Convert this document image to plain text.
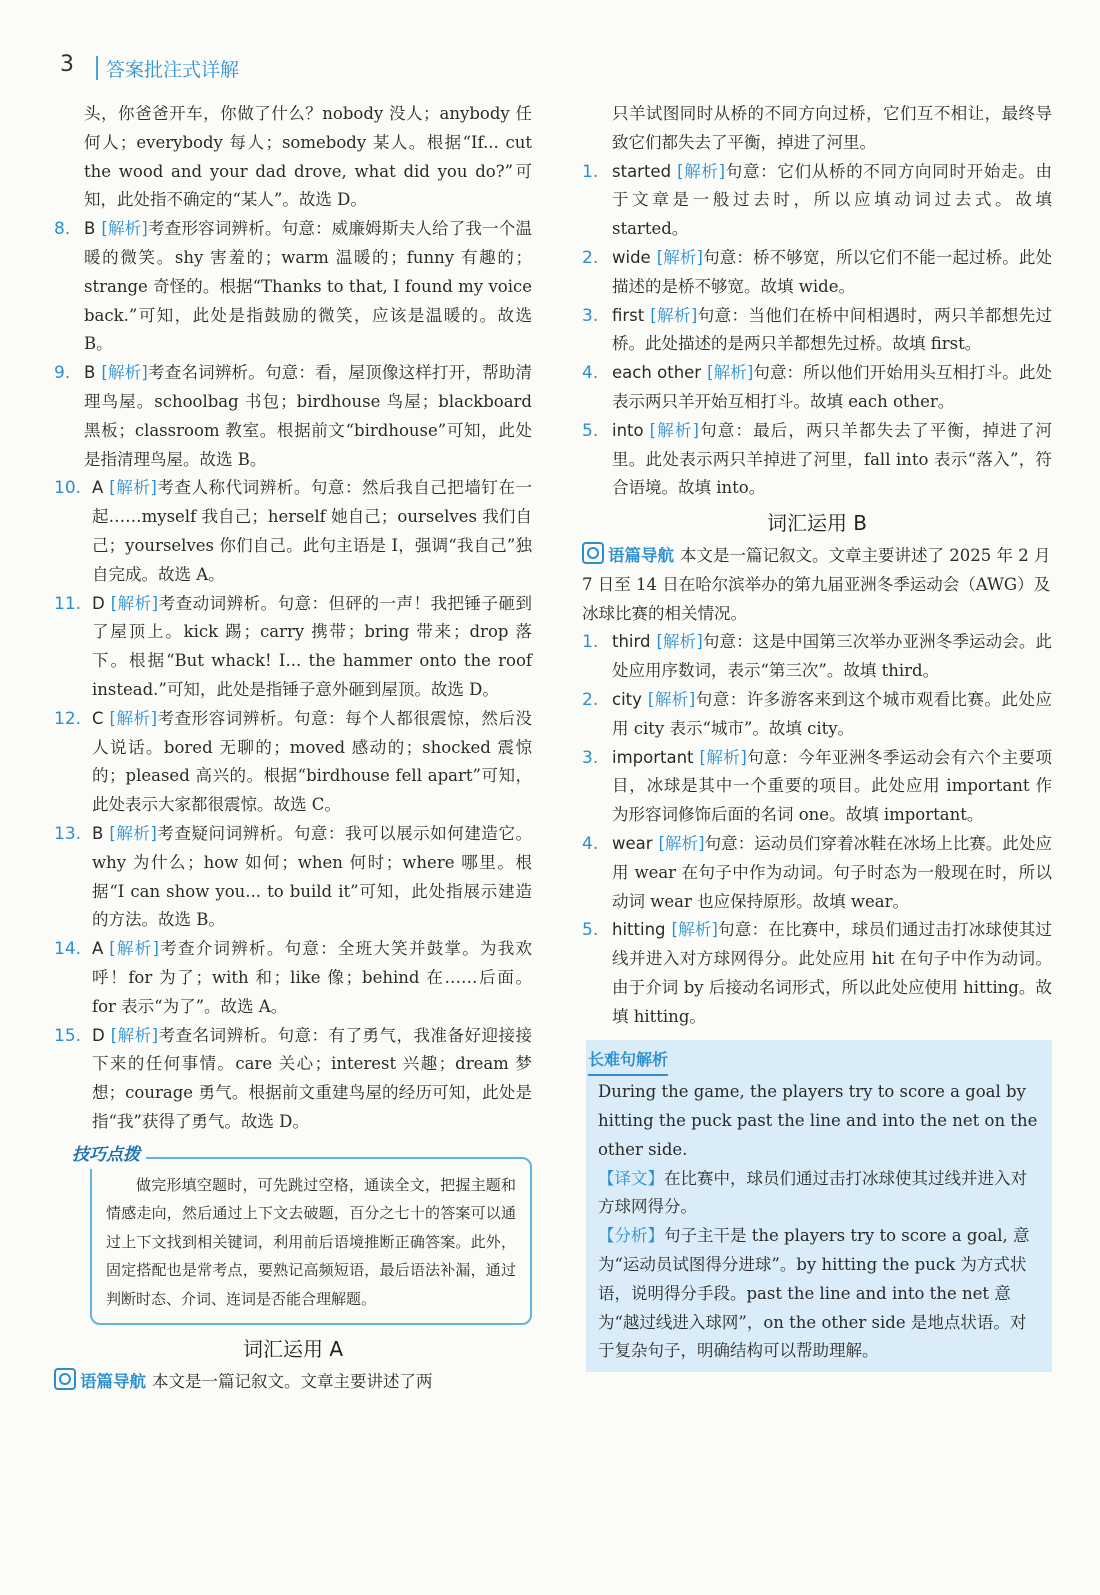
3 答案批注式详解

头，你爸爸开车，你做了什么？nobody 没人；anybody 任何人；everybody 每人；somebody 某人。根据“If... cut the wood and your dad drove, what did you do?”可知，此处指不确定的“某人”。故选 D。

8. B [解析]考查形容词辨析。句意：威廉姆斯夫人给了我一个温暖的微笑。shy 害羞的；warm 温暖的；funny 有趣的；strange 奇怪的。根据“Thanks to that, I found my voice back.”可知，此处是指鼓励的微笑，应该是温暖的。故选 B。
9. B [解析]考查名词辨析。句意：看，屋顶像这样打开，帮助清理鸟屋。schoolbag 书包；birdhouse 鸟屋；blackboard 黑板；classroom 教室。根据前文“birdhouse”可知，此处是指清理鸟屋。故选 B。
10. A [解析]考查人称代词辨析。句意：然后我自己把墙钉在一起……myself 我自己；herself 她自己；ourselves 我们自己；yourselves 你们自己。此句主语是 I，强调“我自己”独自完成。故选 A。
11. D [解析]考查动词辨析。句意：但砰的一声！我把锤子砸到了屋顶上。kick 踢；carry 携带；bring 带来；drop 落下。根据“But whack! I... the hammer onto the roof instead.”可知，此处是指锤子意外砸到屋顶。故选 D。
12. C [解析]考查形容词辨析。句意：每个人都很震惊，然后没人说话。bored 无聊的；moved 感动的；shocked 震惊的；pleased 高兴的。根据“birdhouse fell apart”可知，此处表示大家都很震惊。故选 C。
13. B [解析]考查疑问词辨析。句意：我可以展示如何建造它。why 为什么；how 如何；when 何时；where 哪里。根据“I can show you... to build it”可知，此处指展示建造的方法。故选 B。
14. A [解析]考查介词辨析。句意：全班大笑并鼓掌。为我欢呼！for 为了；with 和；like 像；behind 在……后面。for 表示“为了”。故选 A。
15. D [解析]考查名词辨析。句意：有了勇气，我准备好迎接接下来的任何事情。care 关心；interest 兴趣；dream 梦想；courage 勇气。根据前文重建鸟屋的经历可知，此处是指“我”获得了勇气。故选 D。
技巧点拨

做完形填空题时，可先跳过空格，通读全文，把握主题和情感走向，然后通过上下文去破题，百分之七十的答案可以通过上下文找到相关键词，利用前后语境推断正确答案。此外，固定搭配也是常考点，要熟记高频短语，最后语法补漏，通过判断时态、介词、连词是否能合理解题。

词汇运用 A

语篇导航 本文是一篇记叙文。文章主要讲述了两

只羊试图同时从桥的不同方向过桥，它们互不相让，最终导致它们都失去了平衡，掉进了河里。

1. started [解析]句意：它们从桥的不同方向同时开始走。由于文章是一般过去时，所以应填动词过去式。故填 started。
2. wide [解析]句意：桥不够宽，所以它们不能一起过桥。此处描述的是桥不够宽。故填 wide。
3. first [解析]句意：当他们在桥中间相遇时，两只羊都想先过桥。此处描述的是两只羊都想先过桥。故填 first。
4. each other [解析]句意：所以他们开始用头互相打斗。此处表示两只羊开始互相打斗。故填 each other。
5. into [解析]句意：最后，两只羊都失去了平衡，掉进了河里。此处表示两只羊掉进了河里，fall into 表示“落入”，符合语境。故填 into。
词汇运用 B

语篇导航 本文是一篇记叙文。文章主要讲述了 2025 年 2 月 7 日至 14 日在哈尔滨举办的第九届亚洲冬季运动会（AWG）及冰球比赛的相关情况。

1. third [解析]句意：这是中国第三次举办亚洲冬季运动会。此处应用序数词，表示“第三次”。故填 third。
2. city [解析]句意：许多游客来到这个城市观看比赛。此处应用 city 表示“城市”。故填 city。
3. important [解析]句意：今年亚洲冬季运动会有六个主要项目，冰球是其中一个重要的项目。此处应用 important 作为形容词修饰后面的名词 one。故填 important。
4. wear [解析]句意：运动员们穿着冰鞋在冰场上比赛。此处应用 wear 在句子中作为动词。句子时态为一般现在时，所以动词 wear 也应保持原形。故填 wear。
5. hitting [解析]句意：在比赛中，球员们通过击打冰球使其过线并进入对方球网得分。此处应用 hit 在句子中作为动词。由于介词 by 后接动名词形式，所以此处应使用 hitting。故填 hitting。
长难句解析

During the game, the players try to score a goal by hitting the puck past the line and into the net on the other side.

【译文】在比赛中，球员们通过击打冰球使其过线并进入对方球网得分。

【分析】句子主干是 the players try to score a goal, 意为“运动员试图得分进球”。by hitting the puck 为方式状语，说明得分手段。past the line and into the net 意为“越过线进入球网”，on the other side 是地点状语。对于复杂句子，明确结构可以帮助理解。
